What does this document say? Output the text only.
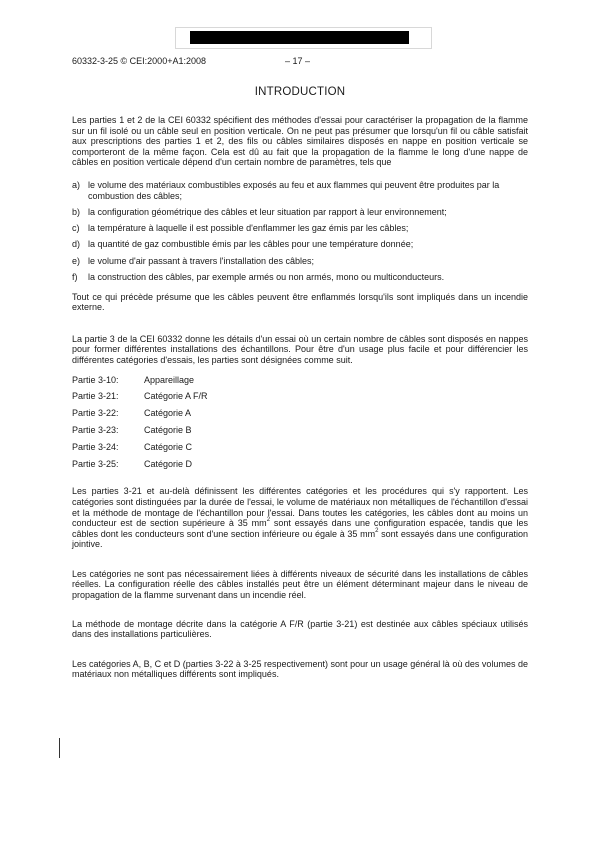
60332-3-25 © CEI:2000+A1:2008	– 17 –
INTRODUCTION

Les parties 1 et 2 de la CEI 60332 spécifient des méthodes d'essai pour caractériser la propagation de la flamme sur un fil isolé ou un câble seul en position verticale. On ne peut pas présumer que lorsqu'un fil ou câble satisfait aux prescriptions des parties 1 et 2, des fils ou câbles similaires disposés en nappe en position verticale se comporteront de la même façon. Cela est dû au fait que la propagation de la flamme le long d'une nappe de câbles en position verticale dépend d'un certain nombre de paramètres, tels que

a) le volume des matériaux combustibles exposés au feu et aux flammes qui peuvent être produites par la combustion des câbles;
b) la configuration géométrique des câbles et leur situation par rapport à leur environnement;
c) la température à laquelle il est possible d'enflammer les gaz émis par les câbles;
d) la quantité de gaz combustible émis par les câbles pour une température donnée;
e) le volume d'air passant à travers l'installation des câbles;
f)	la construction des câbles, par exemple armés ou non armés, mono ou multiconducteurs.

Tout ce qui précède présume que les câbles peuvent être enflammés lorsqu'ils sont impliqués dans un incendie externe.

La partie 3 de la CEI 60332 donne les détails d'un essai où un certain nombre de câbles sont disposés en nappes pour former différentes installations des échantillons. Pour être d'un usage plus facile et pour différencier les différentes catégories d'essais, les parties sont désignées comme suit.

Partie 3-10:	Appareillage
Partie 3-21:	Catégorie A F/R
Partie 3-22:	Catégorie A
Partie 3-23:	Catégorie B
Partie 3-24:	Catégorie C
Partie 3-25:	Catégorie D

Les parties 3-21 et au-delà définissent les différentes catégories et les procédures qui s'y rapportent. Les catégories sont distinguées par la durée de l'essai, le volume de matériaux non métalliques de l'échantillon d'essai et la méthode de montage de l'échantillon pour l'essai. Dans toutes les catégories, les câbles dont au moins un conducteur est de section supérieure à 35 $mm^2$ sont essayés dans une configuration espacée, tandis que les câbles dont les conducteurs sont d'une section inférieure ou égale à 35 $mm^2$ sont essayés dans une configuration jointive.

Les catégories ne sont pas nécessairement liées à différents niveaux de sécurité dans les installations de câbles réelles. La configuration réelle des câbles installés peut être un élément déterminant majeur dans le niveau de propagation de la flamme survenant dans un incendie réel.

La méthode de montage décrite dans la catégorie A F/R (partie 3-21) est destinée aux câbles spéciaux utilisés dans des installations particulières.

Les catégories A, B, C et D (parties 3-22 à 3-25 respectivement) sont pour un usage général là où des volumes de matériaux non métalliques différents sont impliqués.
